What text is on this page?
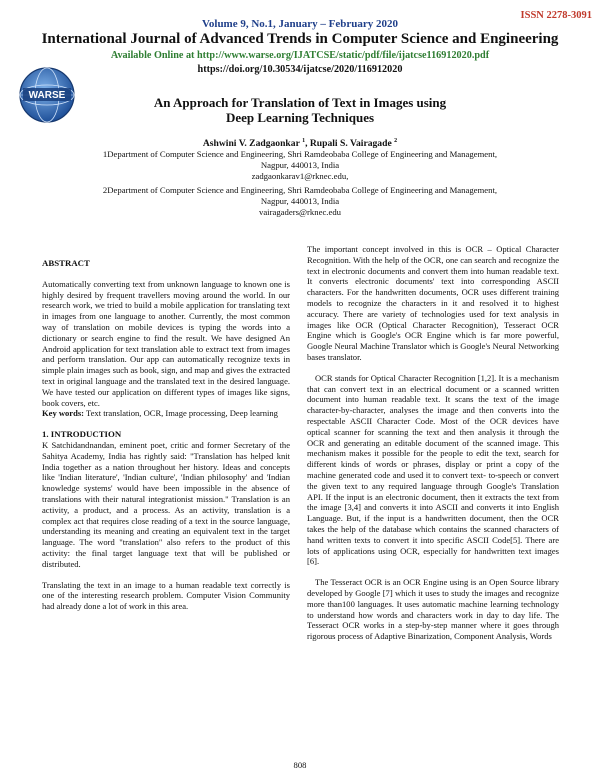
ISSN 2278-3091
Volume 9, No.1, January – February 2020
International Journal of Advanced Trends in Computer Science and Engineering
Available Online at http://www.warse.org/IJATCSE/static/pdf/file/ijatcse116912020.pdf
https://doi.org/10.30534/ijatcse/2020/116912020
WARSE	An Approach for Translation of Text in Images using
Deep Learning Techniques
Ashwini V. Zadgaonkar $^1$, Rupali S. Vairagade $^2$
1Department of Computer Science and Engineering, Shri Ramdeobaba College of Engineering and Management,
Nagpur, 440013, India
zadgaonkarav1@rknec.edu,
2Department of Computer Science and Engineering, Shri Ramdeobaba College of Engineering and Management,
Nagpur, 440013, India
vairagaders@rknec.edu

ABSTRACT

Automatically converting text from unknown language to known one is highly desired by frequent travellers moving around the world. In our research work, we tried to build a mobile application for translating text in images from one language to another. Currently, the most common way of translation on mobile devices is typing the words into a dictionary or search engine to find the result. We have designed An Android application for text translation able to extract text from images and perform translation. Our app can automatically recognize texts in simple plain images such as book, sign, and map and gives the extracted text in original language and the translated text in the desired language. We have tested our application on different types of images like signs, book covers, etc.

Key words: Text translation, OCR, Image processing, Deep learning

1. INTRODUCTION

K Satchidandnandan, eminent poet, critic and former Secretary of the Sahitya Academy, India has rightly said: "Translation has helped knit India together as a nation throughout her history. Ideas and concepts like 'Indian literature', 'Indian culture', 'Indian philosophy' and 'Indian knowledge systems' would have been impossible in the absence of translations with their natural integrationist mission." Translation is an activity, a product, and a process. As an activity, translation is a complex act that requires close reading of a text in the source language, understanding its meaning and creating an equivalent text in the target language. The word "translation" also refers to the product of this activity: the final target language text that will be published or distributed.

Translating the text in an image to a human readable text correctly is one of the interesting research problem. Computer Vision Community had already done a lot of work in this area.

The important concept involved in this is OCR – Optical Character Recognition. With the help of the OCR, one can search and recognize the text in electronic documents and convert them into human readable text. It converts electronic documents' text into corresponding ASCII characters. For the handwritten documents, OCR uses different training models to recognize the characters in it and resolved it to highest accuracy. There are variety of technologies used for text analysis in images like OCR (Optical Character Recognition), Tesseract OCR Engine which is Google's OCR Engine which is far more powerful, Google Neural Machine Translator which is Google's Neural Networking bases translator.

OCR stands for Optical Character Recognition [1,2]. It is a mechanism that can convert text in an electrical document or a scanned written document into human readable text. It scans the text of the image character-by-character, analyses the image and then converts into the respectable ASCII Character Code. Most of the OCR devices have optical scanner for scanning the text and then analysis it through the OCR and generating an editable document of the scanned image. This mechanism makes it possible for the people to edit the text, search for different kinds of words or phrases, display or print a copy of the machine generated code and used it to convert text- to-speech or convert the given text to any required language through Google's Translation API. If the input is an electronic document, then it extracts the text from the image [3,4] and converts it into ASCII and converts it into English Language. But, if the input is a handwritten document, then the OCR takes the help of the database which contains the scanned characters of hand written texts to convert it into specific ASCII Code[5]. There are lots of applications using OCR, especially for handwritten text images [6].

The Tesseract OCR is an OCR Engine using is an Open Source library developed by Google [7] which it uses to study the images and recognize more than100 languages. It uses automatic machine learning technology to understand how words and characters work in day to day life. The Tesseract OCR works in a step-by-step manner where it goes through rigorous process of Adaptive Binarization, Component Analysis, Words

808
